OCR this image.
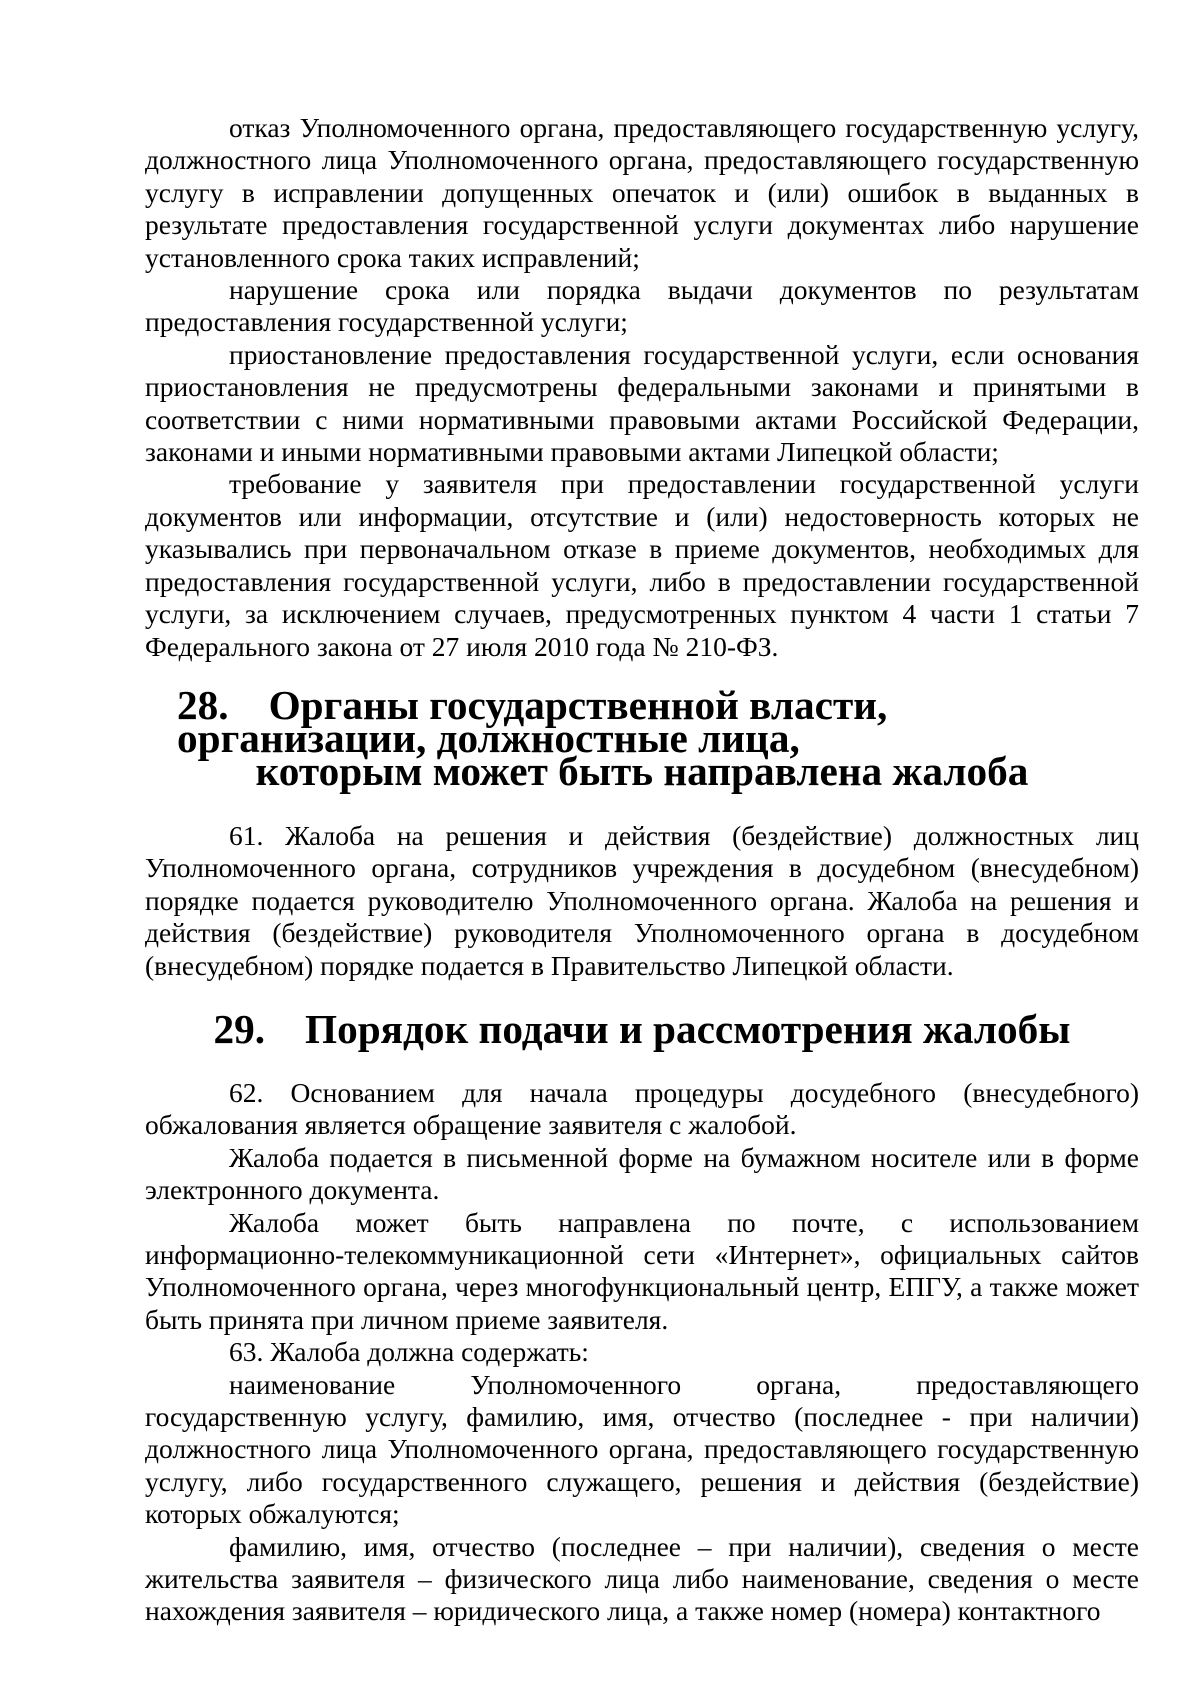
отказ Уполномоченного органа, предоставляющего государственную услугу, должностного лица Уполномоченного органа, предоставляющего государственную услугу в исправлении допущенных опечаток и (или) ошибок в выданных в результате предоставления государственной услуги документах либо нарушение установленного срока таких исправлений;

нарушение срока или порядка выдачи документов по результатам предоставления государственной услуги;

приостановление предоставления государственной услуги, если основания приостановления не предусмотрены федеральными законами и принятыми в соответствии с ними нормативными правовыми актами Российской Федерации, законами и иными нормативными правовыми актами Липецкой области;

требование у заявителя при предоставлении государственной услуги документов или информации, отсутствие и (или) недостоверность которых не указывались при первоначальном отказе в приеме документов, необходимых для предоставления государственной услуги, либо в предоставлении государственной услуги, за исключением случаев, предусмотренных пунктом 4 части 1 статьи 7 Федерального закона от 27 июля 2010 года № 210-ФЗ.

28. Органы государственной власти, организации, должностные лица,
которым может быть направлена жалоба

61. Жалоба на решения и действия (бездействие) должностных лиц Уполномоченного органа, сотрудников учреждения в досудебном (внесудебном) порядке подается руководителю Уполномоченного органа. Жалоба на решения и действия (бездействие) руководителя Уполномоченного органа в досудебном (внесудебном) порядке подается в Правительство Липецкой области.

29. Порядок подачи и рассмотрения жалобы

62. Основанием для начала процедуры досудебного (внесудебного) обжалования является обращение заявителя с жалобой.

Жалоба подается в письменной форме на бумажном носителе или в форме электронного документа.

Жалоба может быть направлена по почте, с использованием информационно-телекоммуникационной сети «Интернет», официальных сайтов Уполномоченного органа, через многофункциональный центр, ЕПГУ, а также может быть принята при личном приеме заявителя.

63. Жалоба должна содержать:

наименование Уполномоченного органа, предоставляющего государственную услугу, фамилию, имя, отчество (последнее - при наличии) должностного лица Уполномоченного органа, предоставляющего государственную услугу, либо государственного служащего, решения и действия (бездействие) которых обжалуются;

фамилию, имя, отчество (последнее – при наличии), сведения о месте жительства заявителя – физического лица либо наименование, сведения о месте нахождения заявителя – юридического лица, а также номер (номера) контактного
